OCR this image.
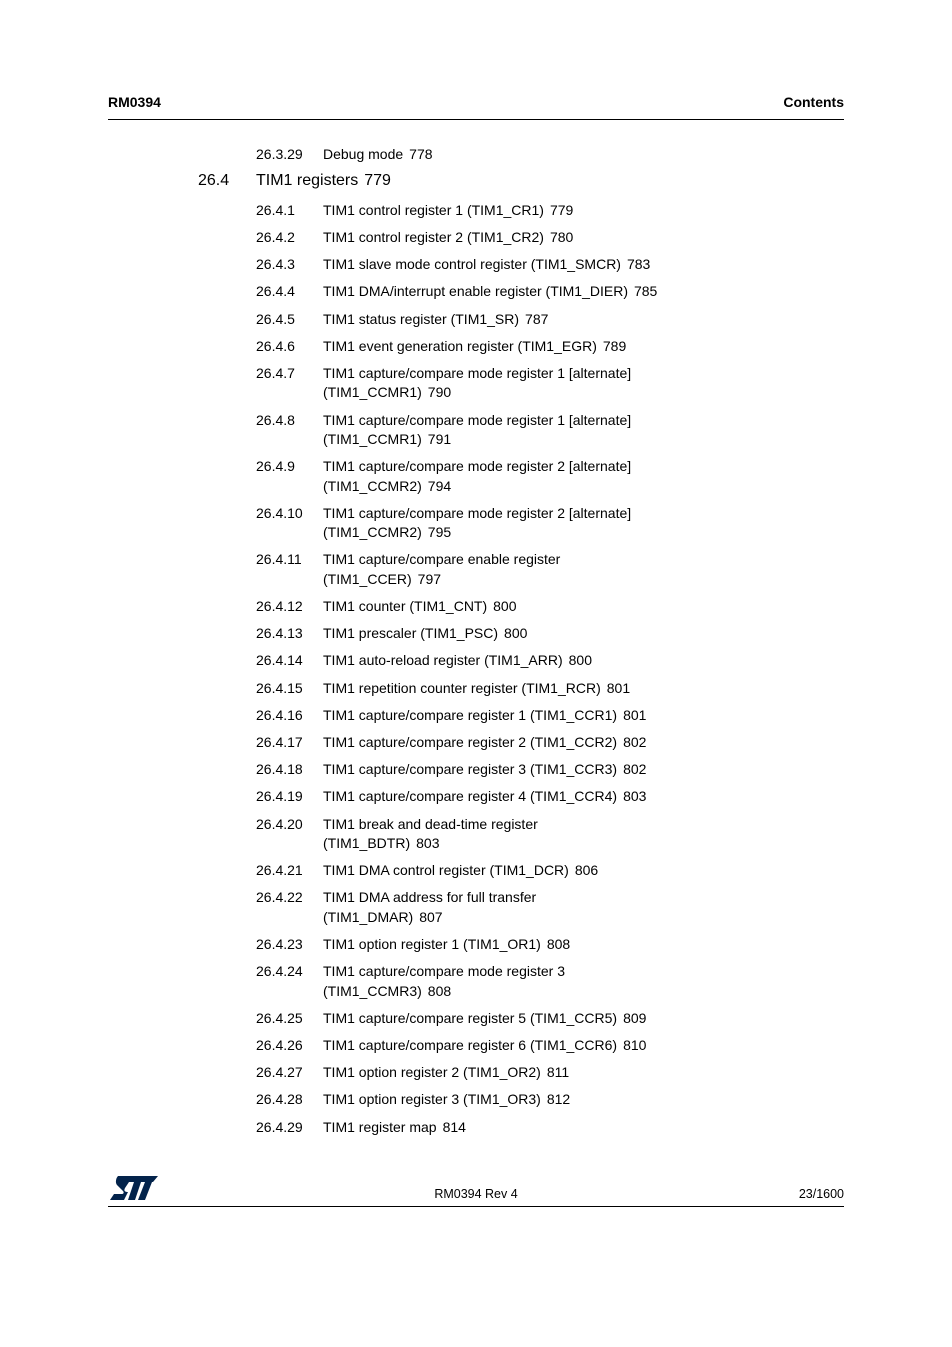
RM0394	Contents
26.3.29 Debug mode 778
26.4 TIM1 registers 779
26.4.1 TIM1 control register 1 (TIM1_CR1) 779
26.4.2 TIM1 control register 2 (TIM1_CR2) 780
26.4.3 TIM1 slave mode control register (TIM1_SMCR) 783
26.4.4 TIM1 DMA/interrupt enable register (TIM1_DIER) 785
26.4.5 TIM1 status register (TIM1_SR) 787
26.4.6 TIM1 event generation register (TIM1_EGR) 789
26.4.7 TIM1 capture/compare mode register 1 [alternate]
(TIM1_CCMR1) 790
26.4.8 TIM1 capture/compare mode register 1 [alternate]
(TIM1_CCMR1) 791
26.4.9 TIM1 capture/compare mode register 2 [alternate]
(TIM1_CCMR2) 794
26.4.10 TIM1 capture/compare mode register 2 [alternate]
(TIM1_CCMR2) 795
26.4.11 TIM1 capture/compare enable register
(TIM1_CCER) 797
26.4.12 TIM1 counter (TIM1_CNT) 800
26.4.13 TIM1 prescaler (TIM1_PSC) 800
26.4.14 TIM1 auto-reload register (TIM1_ARR) 800
26.4.15 TIM1 repetition counter register (TIM1_RCR) 801
26.4.16 TIM1 capture/compare register 1 (TIM1_CCR1) 801
26.4.17 TIM1 capture/compare register 2 (TIM1_CCR2) 802
26.4.18 TIM1 capture/compare register 3 (TIM1_CCR3) 802
26.4.19 TIM1 capture/compare register 4 (TIM1_CCR4) 803
26.4.20 TIM1 break and dead-time register
(TIM1_BDTR) 803
26.4.21 TIM1 DMA control register (TIM1_DCR) 806
26.4.22 TIM1 DMA address for full transfer
(TIM1_DMAR) 807
26.4.23 TIM1 option register 1 (TIM1_OR1) 808
26.4.24 TIM1 capture/compare mode register 3
(TIM1_CCMR3) 808
26.4.25 TIM1 capture/compare register 5 (TIM1_CCR5) 809
26.4.26 TIM1 capture/compare register 6 (TIM1_CCR6) 810
26.4.27 TIM1 option register 2 (TIM1_OR2) 811
26.4.28 TIM1 option register 3 (TIM1_OR3) 812
26.4.29 TIM1 register map 814
RM0394 Rev 4	23/1600
